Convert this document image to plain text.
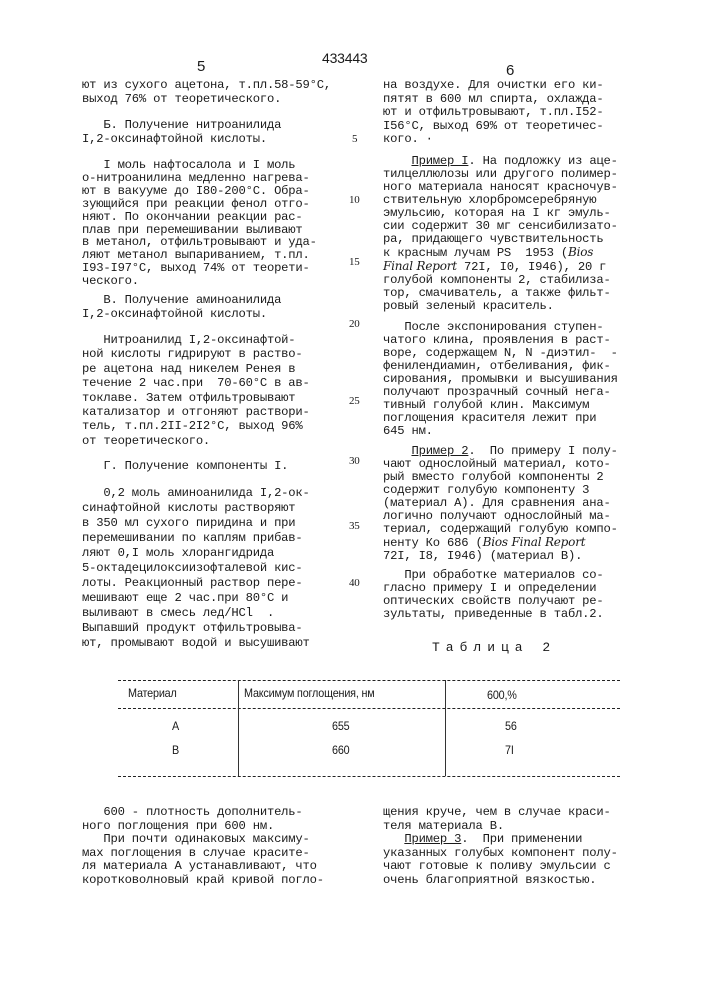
5	433443
6
5
10
15
20
25
30
35
40
ют из сухого ацетона, т.пл.58-59°С,
выход 76% от теоретического.
Б. Получение нитроанилида
I,2-оксинафтойной кислоты.
I моль нафтосалола и I моль
о-нитроанилина медленно нагрева-
ют в вакууме до I80-200°С. Обра-
зующийся при реакции фенол отго-
няют. По окончании реакции рас-
плав при перемешивании выливают
в метанол, отфильтровывают и уда-
ляют метанол выпариванием, т.пл.
I93-I97°С, выход 74% от теорети-
ческого.
В. Получение аминоанилида
I,2-оксинафтойной кислоты.
Нитроанилид I,2-оксинафтой-
ной кислоты гидрируют в раство-
ре ацетона над никелем Ренея в
течение 2 час.при  70-60°С в ав-
токлаве. Затем отфильтровывают
катализатор и отгоняют раствори-
тель, т.пл.2II-2I2°С, выход 96%
от теоретического.
Г. Получение компоненты I.
0,2 моль аминоанилида I,2-ок-
синафтойной кислоты растворяют
в 350 мл сухого пиридина и при
перемешивании по каплям прибав-
ляют 0,I моль хлорангидрида
5-октадецилоксиизофталевой кис-
лоты. Реакционный раствор пере-
мешивают еще 2 час.при 80°С и
выливают в смесь лед/HCl  .
Выпавший продукт отфильтровыва-
ют, промывают водой и высушивают
на воздухе. Для очистки его ки-
пятят в 600 мл спирта, охлажда-
ют и отфильтровывают, т.пл.I52-
I56°С, выход 69% от теоретичес-
кого. ·
Пример I. На подложку из аце-
тилцеллюлозы или другого полимер-
ного материала наносят красночув-
ствительную хлорбромсеребряную
эмульсию, которая на I кг эмуль-
сии содержит 30 мг сенсибилизато-
ра, придающего чувствительность
к красным лучам PS  1953 (Bios
Final Report 72I, I0, I946), 20 г
голубой компоненты 2, стабилиза-
тор, смачиватель, а также фильт-
ровый зеленый краситель.
После экспонирования ступен-
чатого клина, проявления в раст-
воре, содержащем N, N -диэтил-  -
фенилендиамин, отбеливания, фик-
сирования, промывки и высушивания
получают прозрачный сочный нега-
тивный голубой клин. Максимум
поглощения красителя лежит при
645 нм.
Пример 2.  По примеру I полу-
чают однослойный материал, кото-
рый вместо голубой компоненты 2
содержит голубую компоненту 3
(материал А). Для сравнения ана-
логично получают однослойный ма-
териал, содержащий голубую компо-
ненту Ко 686 (Bios Final Report
72I, I8, I946) (материал В).
При обработке материалов со-
гласно примеру I и определении
оптических свойств получают ре-
зультаты, приведенные в табл.2.
Таблица 2
Материал	Максимум поглощения, нм	600,%
А	655	56
В	660	7I
600 - плотность дополнитель-
ного поглощения при 600 нм.
При почти одинаковых максиму-
мах поглощения в случае красите-
ля материала А устанавливают, что
коротковолновый край кривой погло-
щения круче, чем в случае краси-
теля материала В.
Пример 3.  При применении
указанных голубых компонент полу-
чают готовые к поливу эмульсии с
очень благоприятной вязкостью.
